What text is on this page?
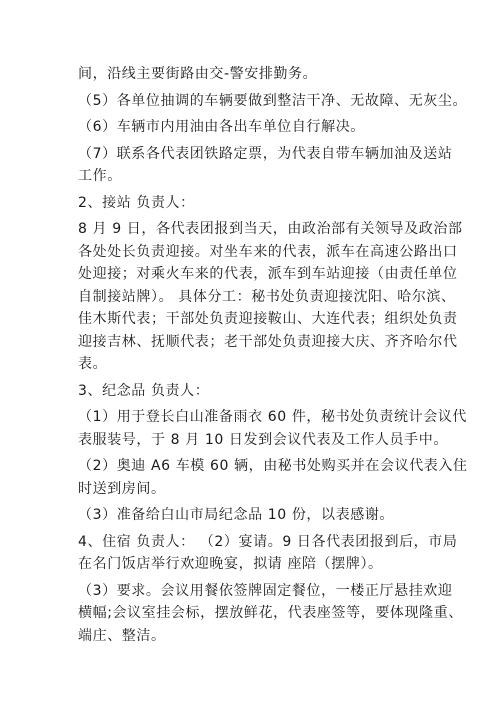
间，沿线主要街路由交-警安排勤务。

（5）各单位抽调的车辆要做到整洁干净、无故障、无灰尘。

（6）车辆市内用油由各出车单位自行解决。

（7）联系各代表团铁路定票，为代表自带车辆加油及送站
工作。

2、接站 负责人：

8 月 9 日，各代表团报到当天，由政治部有关领导及政治部
各处处长负责迎接。对坐车来的代表，派车在高速公路出口
处迎接；对乘火车来的代表，派车到车站迎接（由责任单位
自制接站牌）。 具体分工：秘书处负责迎接沈阳、哈尔滨、
佳木斯代表；干部处负责迎接鞍山、大连代表；组织处负责
迎接吉林、抚顺代表；老干部处负责迎接大庆、齐齐哈尔代
表。

3、纪念品 负责人：

（1）用于登长白山准备雨衣 60 件，秘书处负责统计会议代
表服装号，于 8 月 10 日发到会议代表及工作人员手中。

（2）奥迪 A6 车模 60 辆，由秘书处购买并在会议代表入住
时送到房间。

（3）准备给白山市局纪念品 10 份，以表感谢。

4、住宿 负责人： （2）宴请。9 日各代表团报到后，市局
在名门饭店举行欢迎晚宴，拟请 座陪（摆牌）。

（3）要求。会议用餐依签牌固定餐位，一楼正厅悬挂欢迎
横幅;会议室挂会标，摆放鲜花，代表座签等，要体现隆重、
端庄、整洁。
